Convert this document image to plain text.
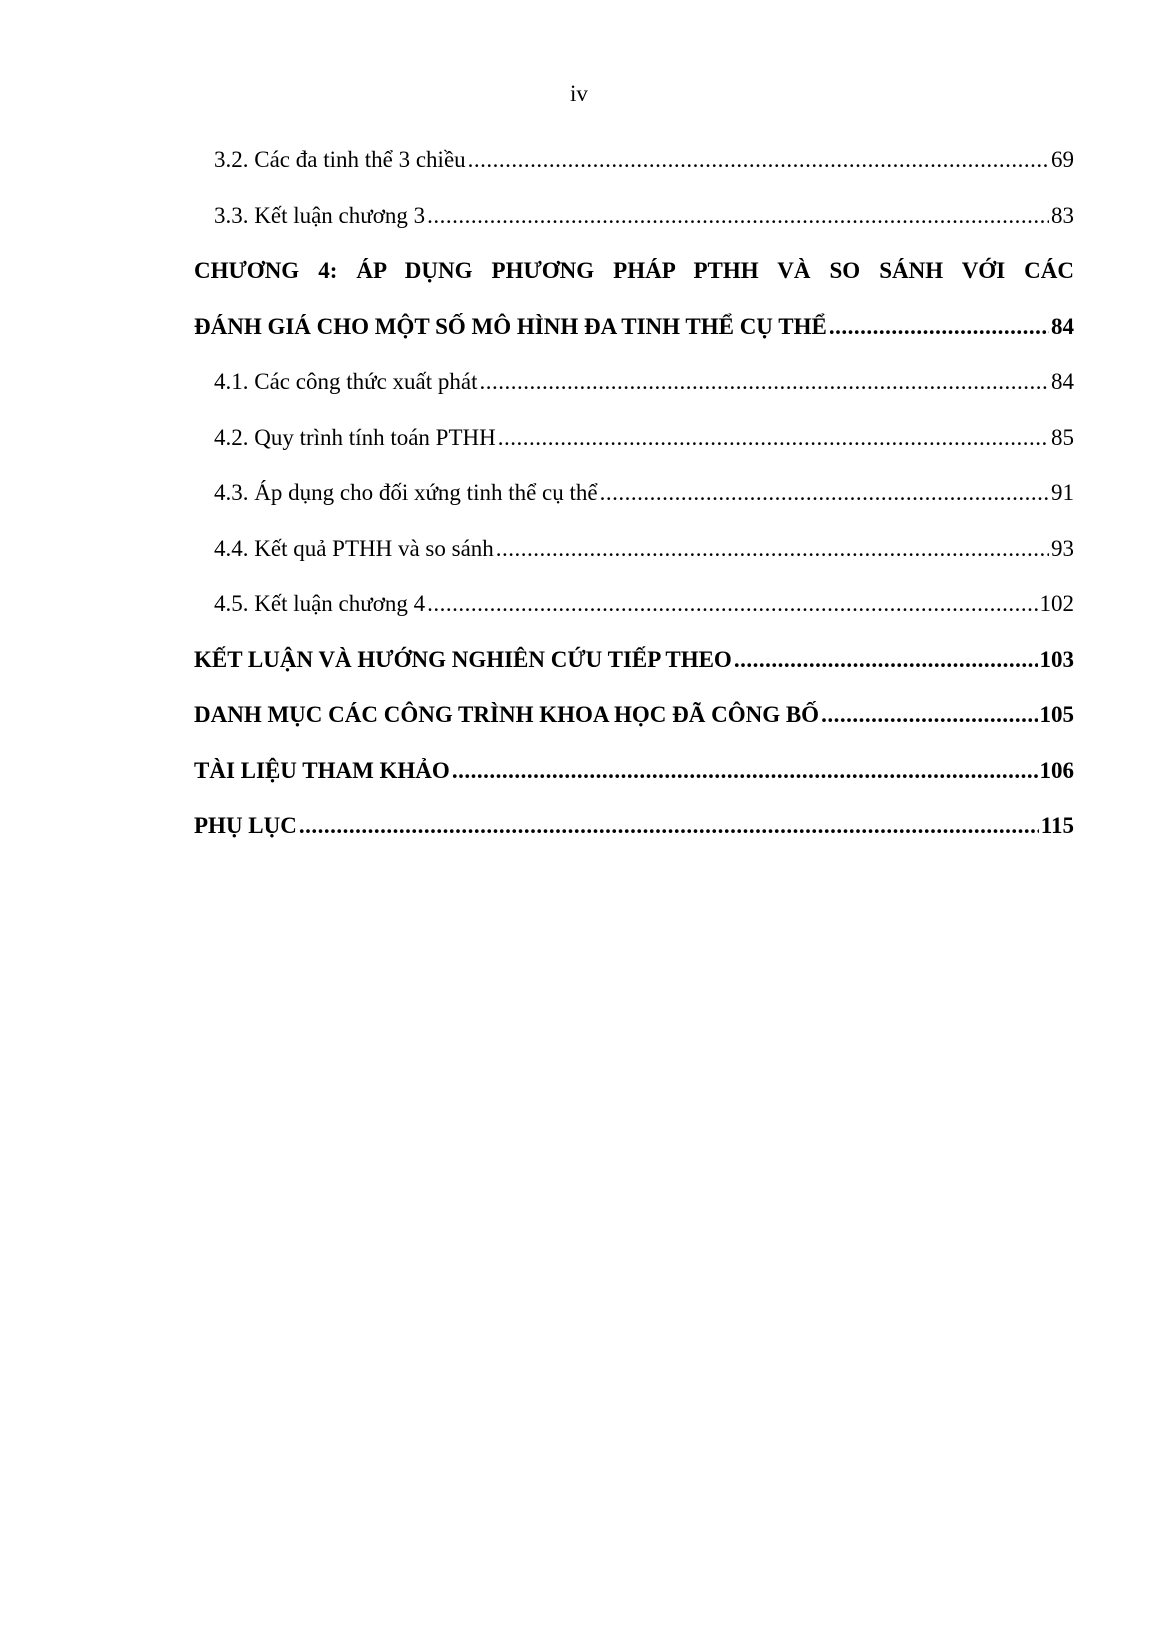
iv
3.2. Các đa tinh thể 3 chiều .....	69
3.3. Kết luận chương 3 .....	83
CHƯƠNG 4: ÁP DỤNG PHƯƠNG PHÁP PTHH VÀ SO SÁNH VỚI CÁC
ĐÁNH GIÁ CHO MỘT SỐ MÔ HÌNH ĐA TINH THỂ CỤ THỂ .....	84
4.1. Các công thức xuất phát .....	84
4.2. Quy trình tính toán PTHH .....	85
4.3. Áp dụng cho đối xứng tinh thể cụ thể .....	91
4.4. Kết quả PTHH và so sánh .....	93
4.5. Kết luận chương 4 .....	102
KẾT LUẬN VÀ HƯỚNG NGHIÊN CỨU TIẾP THEO .....	103
DANH MỤC CÁC CÔNG TRÌNH KHOA HỌC ĐÃ CÔNG BỐ .....	105
TÀI LIỆU THAM KHẢO .....	106
PHỤ LỤC .....	115
